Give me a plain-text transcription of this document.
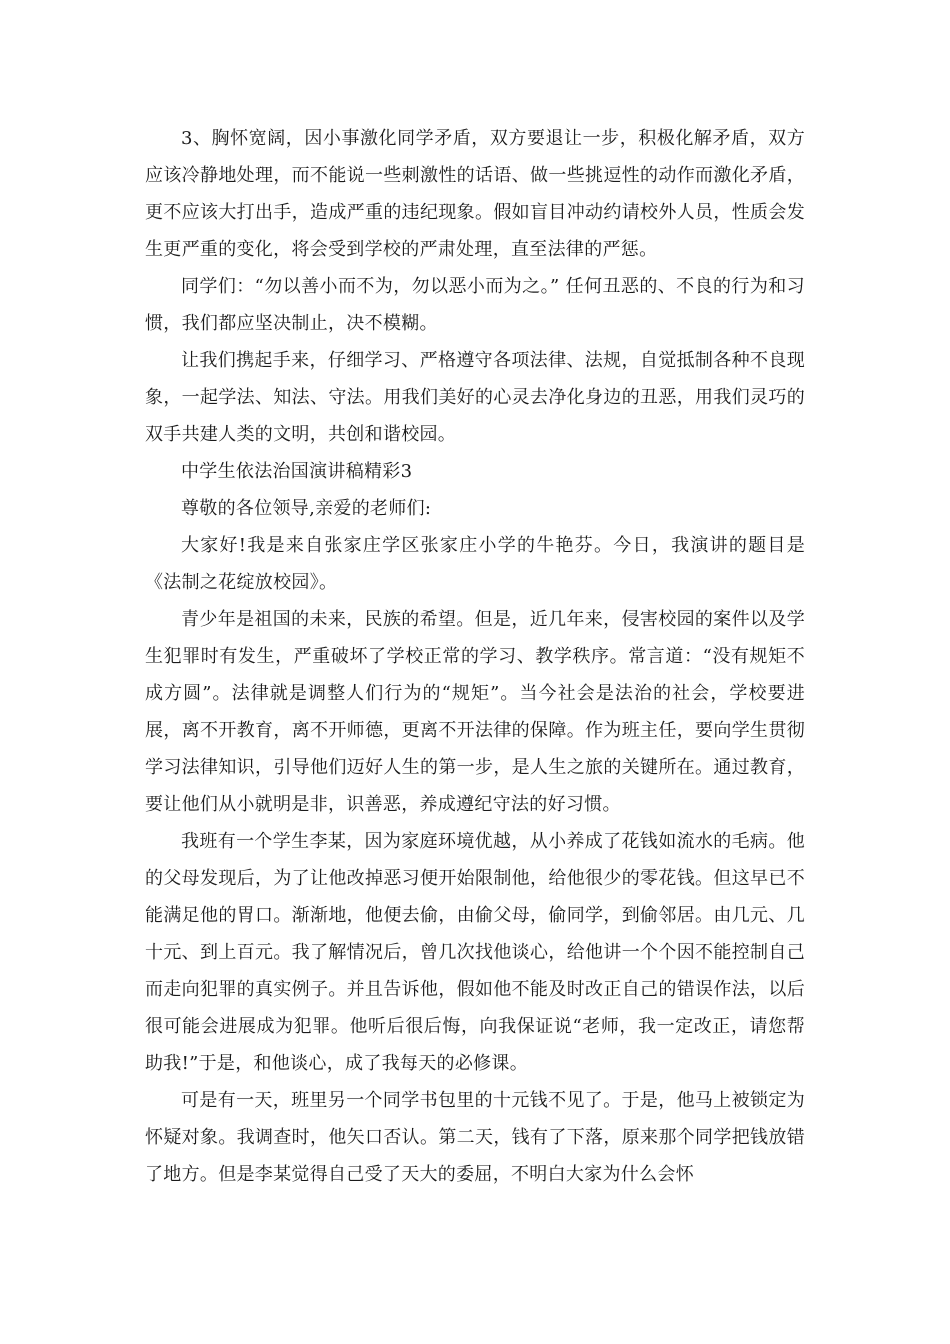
3、胸怀宽阔，因小事激化同学矛盾，双方要退让一步，积极化解矛盾，双方应该冷静地处理，而不能说一些刺激性的话语、做一些挑逗性的动作而激化矛盾，更不应该大打出手，造成严重的违纪现象。假如盲目冲动约请校外人员，性质会发生更严重的变化，将会受到学校的严肃处理，直至法律的严惩。

同学们：“勿以善小而不为，勿以恶小而为之。” 任何丑恶的、不良的行为和习惯，我们都应坚决制止，决不模糊。

让我们携起手来，仔细学习、严格遵守各项法律、法规，自觉抵制各种不良现象，一起学法、知法、守法。用我们美好的心灵去净化身边的丑恶，用我们灵巧的双手共建人类的文明，共创和谐校园。

中学生依法治国演讲稿精彩3

尊敬的各位领导,亲爱的老师们:

大家好!我是来自张家庄学区张家庄小学的牛艳芬。今日，我演讲的题目是《法制之花绽放校园》。

青少年是祖国的未来，民族的希望。但是，近几年来，侵害校园的案件以及学生犯罪时有发生，严重破坏了学校正常的学习、教学秩序。常言道：“没有规矩不成方圆”。法律就是调整人们行为的“规矩”。当今社会是法治的社会，学校要进展，离不开教育，离不开师德，更离不开法律的保障。作为班主任，要向学生贯彻学习法律知识，引导他们迈好人生的第一步，是人生之旅的关键所在。通过教育，要让他们从小就明是非，识善恶，养成遵纪守法的好习惯。

我班有一个学生李某，因为家庭环境优越，从小养成了花钱如流水的毛病。他的父母发现后，为了让他改掉恶习便开始限制他，给他很少的零花钱。但这早已不能满足他的胃口。渐渐地，他便去偷，由偷父母，偷同学，到偷邻居。由几元、几十元、到上百元。我了解情况后，曾几次找他谈心，给他讲一个个因不能控制自己而走向犯罪的真实例子。并且告诉他，假如他不能及时改正自己的错误作法，以后很可能会进展成为犯罪。他听后很后悔，向我保证说“老师，我一定改正，请您帮助我!”于是，和他谈心，成了我每天的必修课。

可是有一天，班里另一个同学书包里的十元钱不见了。于是，他马上被锁定为怀疑对象。我调查时，他矢口否认。第二天，钱有了下落，原来那个同学把钱放错了地方。但是李某觉得自己受了天大的委屈，不明白大家为什么会怀
